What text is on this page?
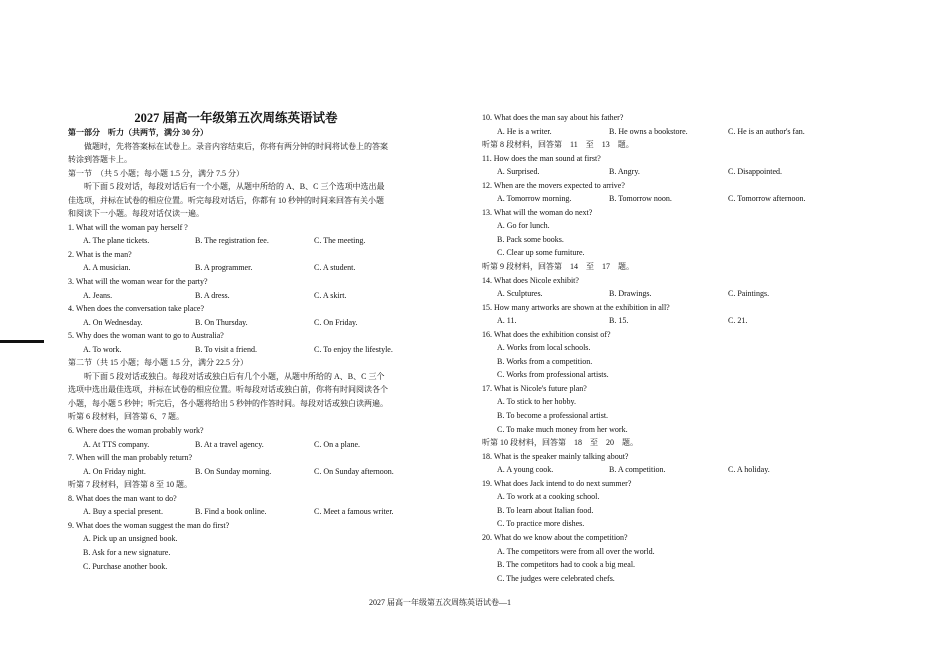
2027 届高一年级第五次周练英语试卷
第一部分　听力（共两节，满分 30 分）
做题时，先将答案标在试卷上。录音内容结束后，你将有两分钟的时间将试卷上的答案
转涂到答题卡上。
第一节　（共 5 小题；每小题 1.5 分，满分 7.5 分）
听下面 5 段对话，每段对话后有一个小题，从题中所给的 A、B、C 三个选项中选出最
佳选项，并标在试卷的相应位置。听完每段对话后，你都有 10 秒钟的时间来回答有关小题
和阅读下一小题。每段对话仅读一遍。
1. What will the woman pay herself ?
A. The plane tickets.	B. The registration fee.	C. The meeting.
2. What is the man?
A. A musician.	B. A programmer.	C. A student.
3. What will the woman wear for the party?
A. Jeans.	B. A dress.	C. A skirt.
4. When does the conversation take place?
A. On Wednesday.	B. On Thursday.	C. On Friday.
5. Why does the woman want to go to Australia?
A. To work.	B. To visit a friend.	C. To enjoy the lifestyle.
第二节（共 15 小题；每小题 1.5 分，满分 22.5 分）
听下面 5 段对话或独白。每段对话或独白后有几个小题，从题中所给的 A、B、C 三个
选项中选出最佳选项，并标在试卷的相应位置。听每段对话或独白前，你将有时间阅读各个
小题，每小题 5 秒钟；听完后，各小题将给出 5 秒钟的作答时间。每段对话或独白读两遍。
听第 6 段材料，回答第 6、7 题。
6. Where does the woman probably work?
A. At TTS company.	B. At a travel agency.	C. On a plane.
7. When will the man probably return?
A. On Friday night.	B. On Sunday morning.	C. On Sunday afternoon.
听第 7 段材料，回答第 8 至 10 题。
8. What does the man want to do?
A. Buy a special present.	B. Find a book online.	C. Meet a famous writer.
9. What does the woman suggest the man do first?
A. Pick up an unsigned book.
B. Ask for a new signature.
C. Purchase another book.
10. What does the man say about his father?
A. He is a writer.	B. He owns a bookstore.	C. He is an author's fan.
听第 8 段材料，回答第　11　至　13　题。
11. How does the man sound at first?
A. Surprised.	B. Angry.	C. Disappointed.
12. When are the movers expected to arrive?
A. Tomorrow morning.	B. Tomorrow noon.	C. Tomorrow afternoon.
13. What will the woman do next?
A. Go for lunch.
B. Pack some books.
C. Clear up some furniture.
听第 9 段材料，回答第　14　至　17　题。
14. What does Nicole exhibit?
A. Sculptures.	B. Drawings.	C. Paintings.
15. How many artworks are shown at the exhibition in all?
A. 11.	B. 15.	C. 21.
16. What does the exhibition consist of?
A. Works from local schools.
B. Works from a competition.
C. Works from professional artists.
17. What is Nicole's future plan?
A. To stick to her hobby.
B. To become a professional artist.
C. To make much money from her work.
听第 10 段材料，回答第　18　至　20　题。
18. What is the speaker mainly talking about?
A. A young cook.	B. A competition.	C. A holiday.
19. What does Jack intend to do next summer?
A. To work at a cooking school.
B. To learn about Italian food.
C. To practice more dishes.
20. What do we know about the competition?
A. The competitors were from all over the world.
B. The competitors had to cook a big meal.
C. The judges were celebrated chefs.
2027 届高一年级第五次周练英语试卷—1
